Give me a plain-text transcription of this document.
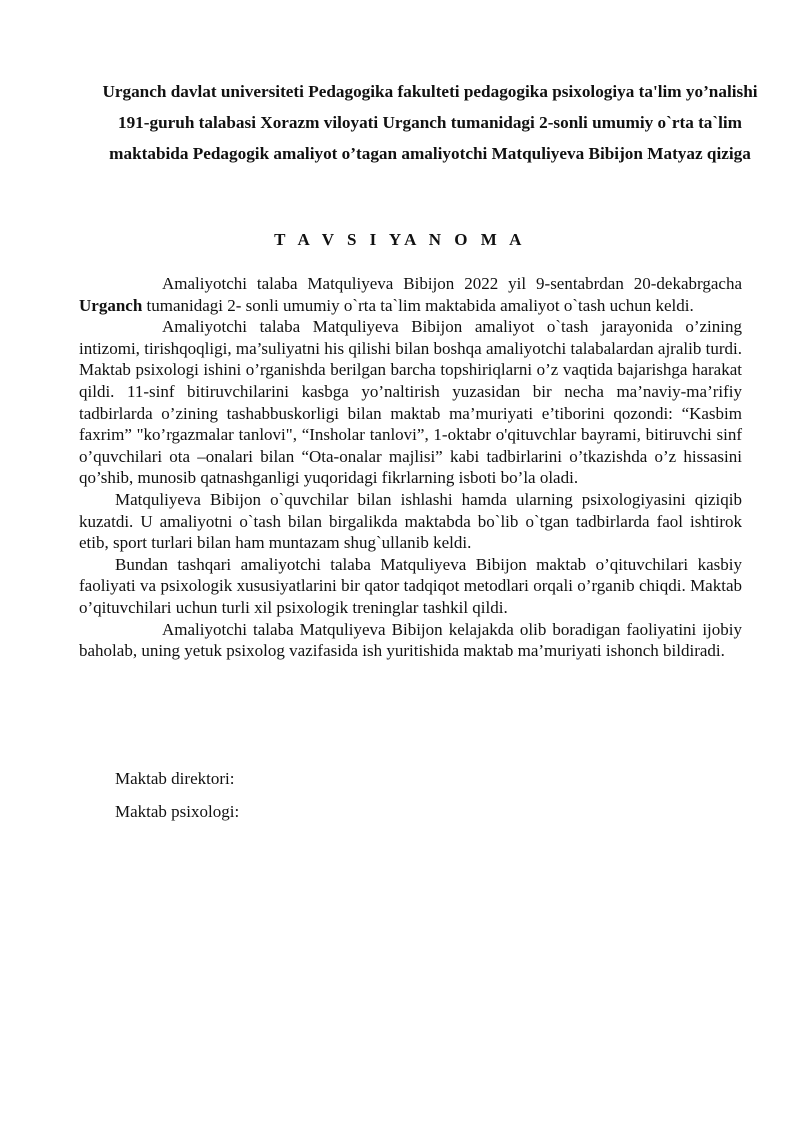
Urganch davlat universiteti Pedagogika fakulteti pedagogika psixologiya ta'lim yo’nalishi 191-guruh talabasi Xorazm viloyati Urganch tumanidagi 2-sonli umumiy o`rta ta`lim maktabida Pedagogik amaliyot o’tagan amaliyotchi Matquliyeva Bibijon Matyaz qiziga

T A V S I YA N O M A

Amaliyotchi talaba Matquliyeva Bibijon 2022 yil 9-sentabrdan 20-dekabrgacha Urganch tumanidagi 2- sonli umumiy o`rta ta`lim maktabida amaliyot o`tash uchun keldi.

Amaliyotchi talaba Matquliyeva Bibijon amaliyot o`tash jarayonida o’zining intizomi, tirishqoqligi, ma’suliyatni his qilishi bilan boshqa amaliyotchi talabalardan ajralib turdi. Maktab psixologi ishini o’rganishda berilgan barcha topshiriqlarni o’z vaqtida bajarishga harakat qildi. 11-sinf bitiruvchilarini kasbga yo’naltirish yuzasidan bir necha ma’naviy-ma’rifiy tadbirlarda o’zining tashabbuskorligi bilan maktab ma’muriyati e’tiborini qozondi: “Kasbim faxrim” "ko’rgazmalar tanlovi", “Insholar tanlovi”, 1-oktabr o'qituvchlar bayrami, bitiruvchi sinf o’quvchilari ota –onalari bilan “Ota-onalar majlisi” kabi tadbirlarini o’tkazishda o’z hissasini qo’shib, munosib qatnashganligi yuqoridagi fikrlarning isboti bo’la oladi.

Matquliyeva Bibijon o`quvchilar bilan ishlashi hamda ularning psixologiyasini qiziqib kuzatdi. U amaliyotni o`tash bilan birgalikda maktabda bo`lib o`tgan tadbirlarda faol ishtirok etib, sport turlari bilan ham muntazam shug`ullanib keldi.

Bundan tashqari amaliyotchi talaba Matquliyeva Bibijon maktab o’qituvchilari kasbiy faoliyati va psixologik xususiyatlarini bir qator tadqiqot metodlari orqali o’rganib chiqdi. Maktab o’qituvchilari uchun turli xil psixologik treninglar tashkil qildi.

Amaliyotchi talaba Matquliyeva Bibijon kelajakda olib boradigan faoliyatini ijobiy baholab, uning yetuk psixolog vazifasida ish yuritishida maktab ma’muriyati ishonch bildiradi.

Maktab direktori:

Maktab psixologi:
